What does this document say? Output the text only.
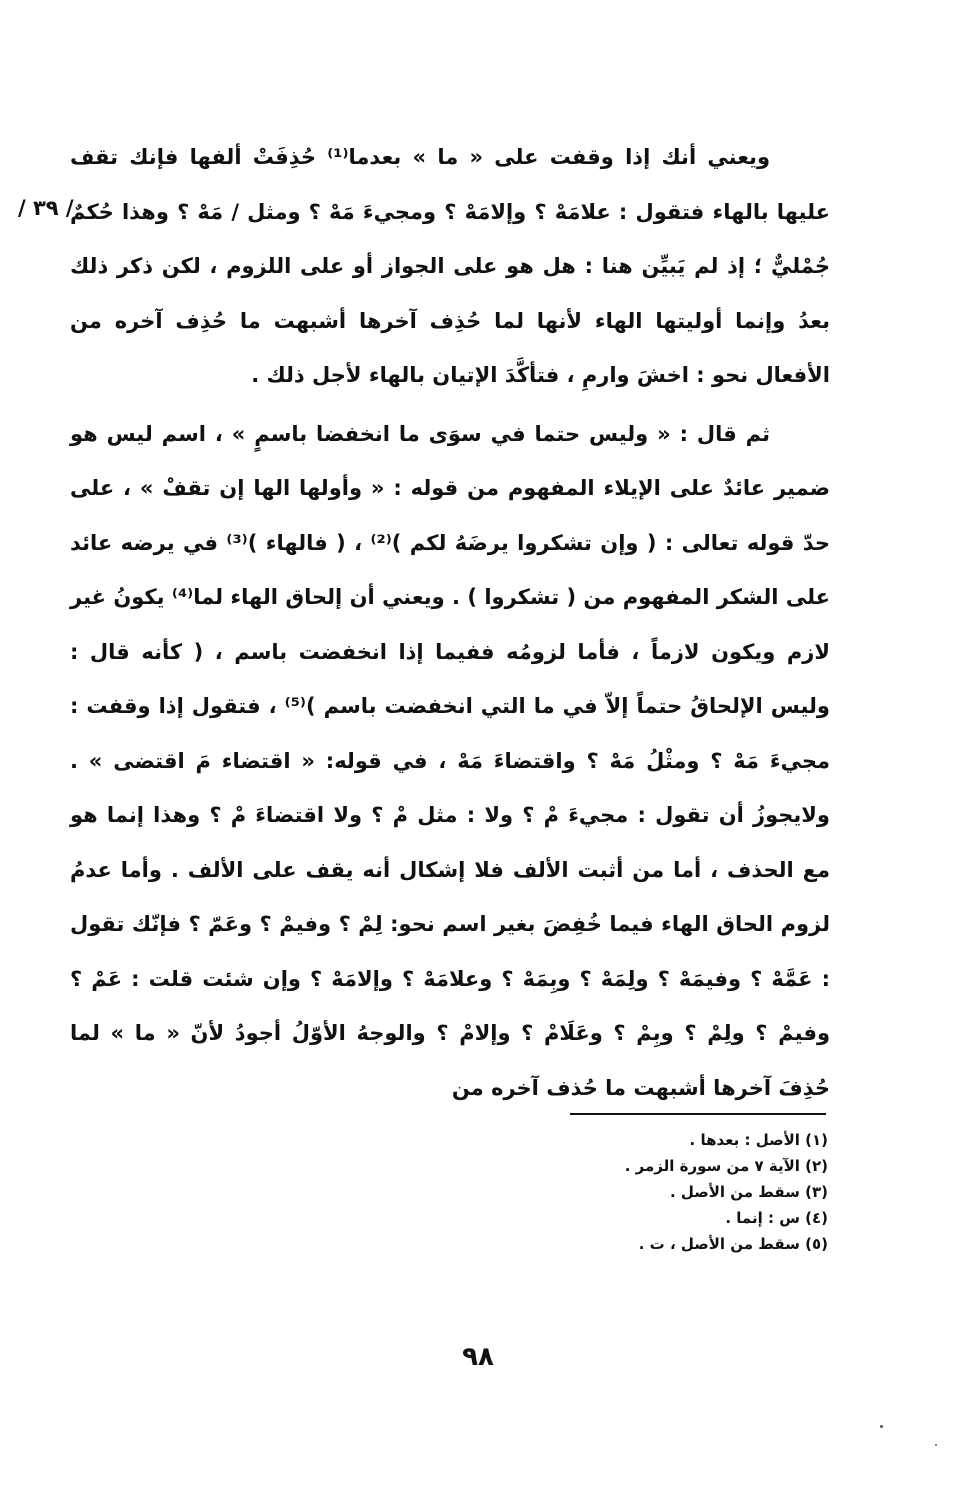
/ ٣٩ /

ويعني أنك إذا وقفت على « ما » بعدما⁽¹⁾ حُذِفَتْ ألفها فإنك تقف عليها بالهاء فتقول : علامَهْ ؟ وإلامَهْ ؟ ومجيءَ مَهْ ؟ ومثل / مَهْ ؟ وهذا حُكمٌ جُمْليٌّ ؛ إذ لم يَبيِّن هنا : هل هو على الجواز أو على اللزوم ، لكن ذكر ذلك بعدُ وإنما أوليتها الهاء لأنها لما حُذِف آخرها أشبهت ما حُذِف آخره من الأفعال نحو : اخشَ وارمِ ، فتأكَّدَ الإتيان بالهاء لأجل ذلك .

ثم قال : « وليس حتما في سوَى ما انخفضا باسمٍ » ، اسم ليس هو ضمير عائدٌ على الإيلاء المفهوم من قوله : « وأولها الها إن تقفْ » ، على حدّ قوله تعالى : ( وإن تشكروا يرضَهُ لكم )⁽²⁾ ، ( فالهاء )⁽³⁾ في يرضه عائد على الشكر المفهوم من ( تشكروا ) . ويعني أن إلحاق الهاء لما⁽⁴⁾ يكونُ غير لازم ويكون لازماً ، فأما لزومُه ففيما إذا انخفضت باسم ، ( كأنه قال : وليس الإلحاقُ حتماً إلاّ في ما التي انخفضت باسم )⁽⁵⁾ ، فتقول إذا وقفت : مجيءَ مَهْ ؟ ومثْلُ مَهْ ؟ واقتضاءَ مَهْ ، في قوله: « اقتضاء مَ اقتضى » . ولايجوزُ أن تقول : مجيءَ مْ ؟ ولا : مثل مْ ؟ ولا اقتضاءَ مْ ؟ وهذا إنما هو مع الحذف ، أما من أثبت الألف فلا إشكال أنه يقف على الألف . وأما عدمُ لزوم الحاق الهاء فيما خُفِضَ بغير اسم نحو: لِمْ ؟ وفيمْ ؟ وعَمّ ؟ فإنّك تقول : عَمَّهْ ؟ وفيمَهْ ؟ ولِمَهْ ؟ وبِمَهْ ؟ وعلامَهْ ؟ وإلامَهْ ؟ وإن شئت قلت : عَمْ ؟ وفيمْ ؟ ولِمْ ؟ وبِمْ ؟ وعَلَامْ ؟ وإلامْ ؟ والوجهُ الأوّلُ أجودُ لأنّ « ما » لما حُذِفَ آخرها أشبهت ما حُذف آخره من

(١) الأصل : بعدها .

(٢) الآية ٧ من سورة الزمر .

(٣) سقط من الأصل .

(٤) س : إنما .

(٥) سقط من الأصل ، ت .

٩٨
